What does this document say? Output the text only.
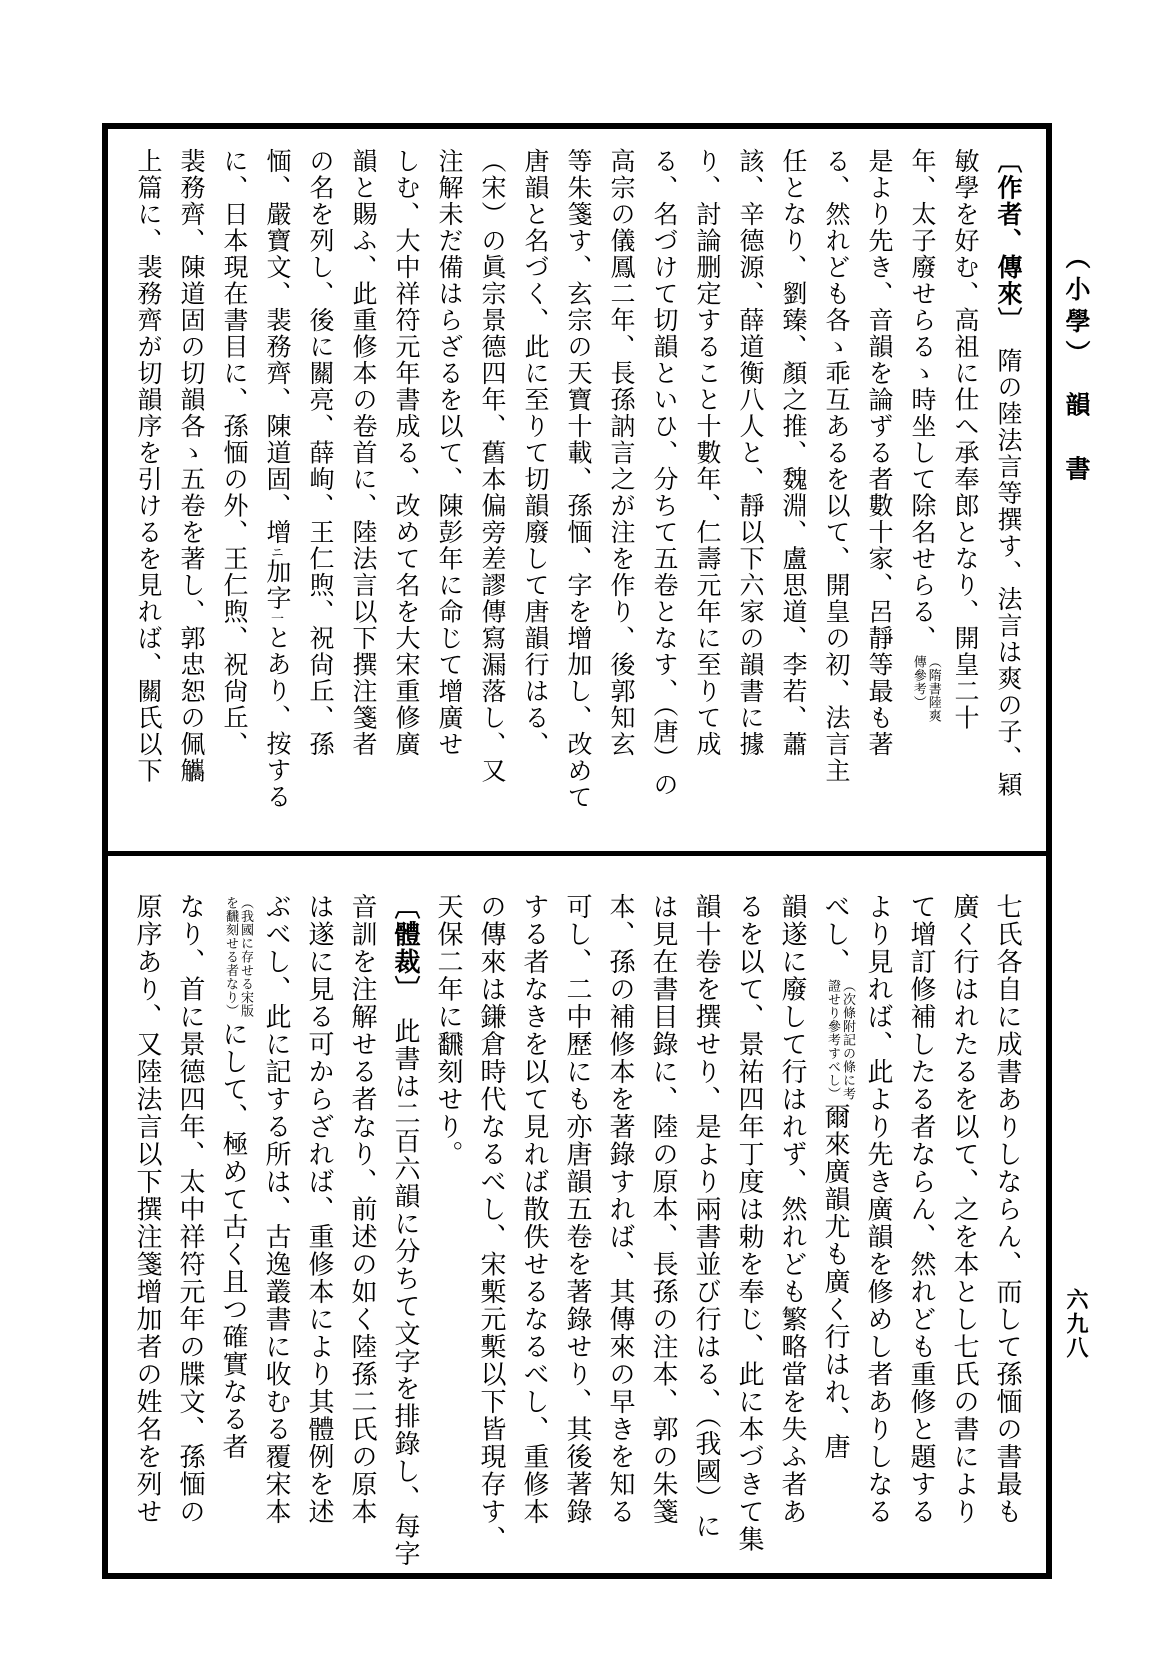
〔作者、傳來〕　隋の陸法言等撰す、法言は爽の子、穎
敏學を好む、高祖に仕へ承奉郎となり、開皇二十
年、太子廢せらるゝ時坐して除名せらる、
（隋書陸爽
傳參考）
是より先き、音韻を論ずる者數十家、呂靜等最も著
る、然れども各ゝ乖互あるを以て、開皇の初、法言主
任となり、劉臻、顏之推、魏淵、盧思道、李若、蕭
該、辛德源、薛道衡八人と、靜以下六家の韻書に據
り、討論删定すること十數年、仁壽元年に至りて成
る、名づけて切韻といひ、分ちて五卷となす、（唐）の
高宗の儀鳳二年、長孫訥言之が注を作り、後郭知玄
等朱箋す、玄宗の天寶十載、孫愐、字を增加し、改めて
唐韻と名づく、此に至りて切韻廢して唐韻行はる、
（宋）の眞宗景德四年、舊本偏旁差謬傳寫漏落し、又
注解未だ備はらざるを以て、陳彭年に命じて增廣せ
しむ、大中祥符元年書成る、改めて名を大宋重修廣
韻と賜ふ、此重修本の卷首に、陸法言以下撰注箋者
の名を列し、後に關亮、薛峋、王仁煦、祝尙丘、孫
愐、嚴寶文、裴務齊、陳道固、增ニ加字一とあり、按する
に、日本現在書目に、孫愐の外、王仁煦、祝尙丘、
裴務齊、陳道固の切韻各ゝ五卷を著し、郭忠恕の佩觿
上篇に、裴務齊が切韻序を引けるを見れば、關氏以下
七氏各自に成書ありしならん、而して孫愐の書最も
廣く行はれたるを以て、之を本とし七氏の書により
て增訂修補したる者ならん、然れども重修と題する
より見れば、此より先き廣韻を修めし者ありしなる
べし、
（次條附記の條に考
證せり參考すべし）
爾來廣韻尤も廣く行はれ、唐
韻遂に廢して行はれず、然れども繁略當を失ふ者あ
るを以て、景祐四年丁度は勅を奉じ、此に本づきて集
韻十卷を撰せり、是より兩書並び行はる、（我國）に
は見在書目錄に、陸の原本、長孫の注本、郭の朱箋
本、孫の補修本を著錄すれば、其傳來の早きを知る
可し、二中歷にも亦唐韻五卷を著錄せり、其後著錄
する者なきを以て見れば散佚せるなるべし、重修本
の傳來は鎌倉時代なるべし、宋槧元槧以下皆現存す、
天保二年に飜刻せり。
〔體裁〕　此書は二百六韻に分ちて文字を排錄し、每字
音訓を注解せる者なり、前述の如く陸孫二氏の原本
は遂に見る可からざれば、重修本により其體例を述
ぶべし、此に記する所は、古逸叢書に收むる覆宋本
（我國に存せる宋版
を飜刻せる者なり）
にして、極めて古く且つ確實なる者
なり、首に景德四年、太中祥符元年の牒文、孫愐の
原序あり、又陸法言以下撰注箋增加者の姓名を列せ
（小學）　韻　書
六九八
